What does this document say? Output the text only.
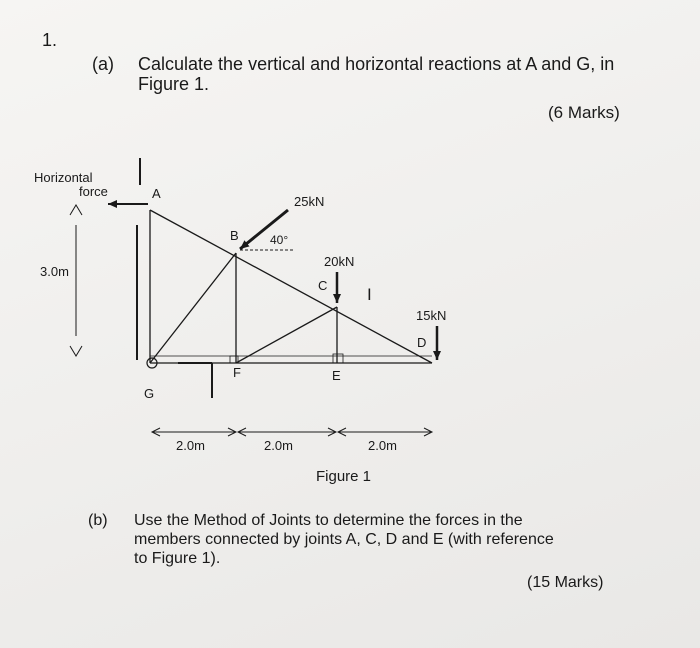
1.
(a) Calculate the vertical and horizontal reactions at A and G, in
Figure 1.
(6 Marks)
Horizontal
force
3.0m
A
B
C
D
E
F
G
25kN
40°
20kN
15kN
I
2.0m	2.0m	2.0m
Figure 1
(b) Use the Method of Joints to determine the forces in the
members connected by joints A, C, D and E (with reference
to Figure 1).
(15 Marks)
